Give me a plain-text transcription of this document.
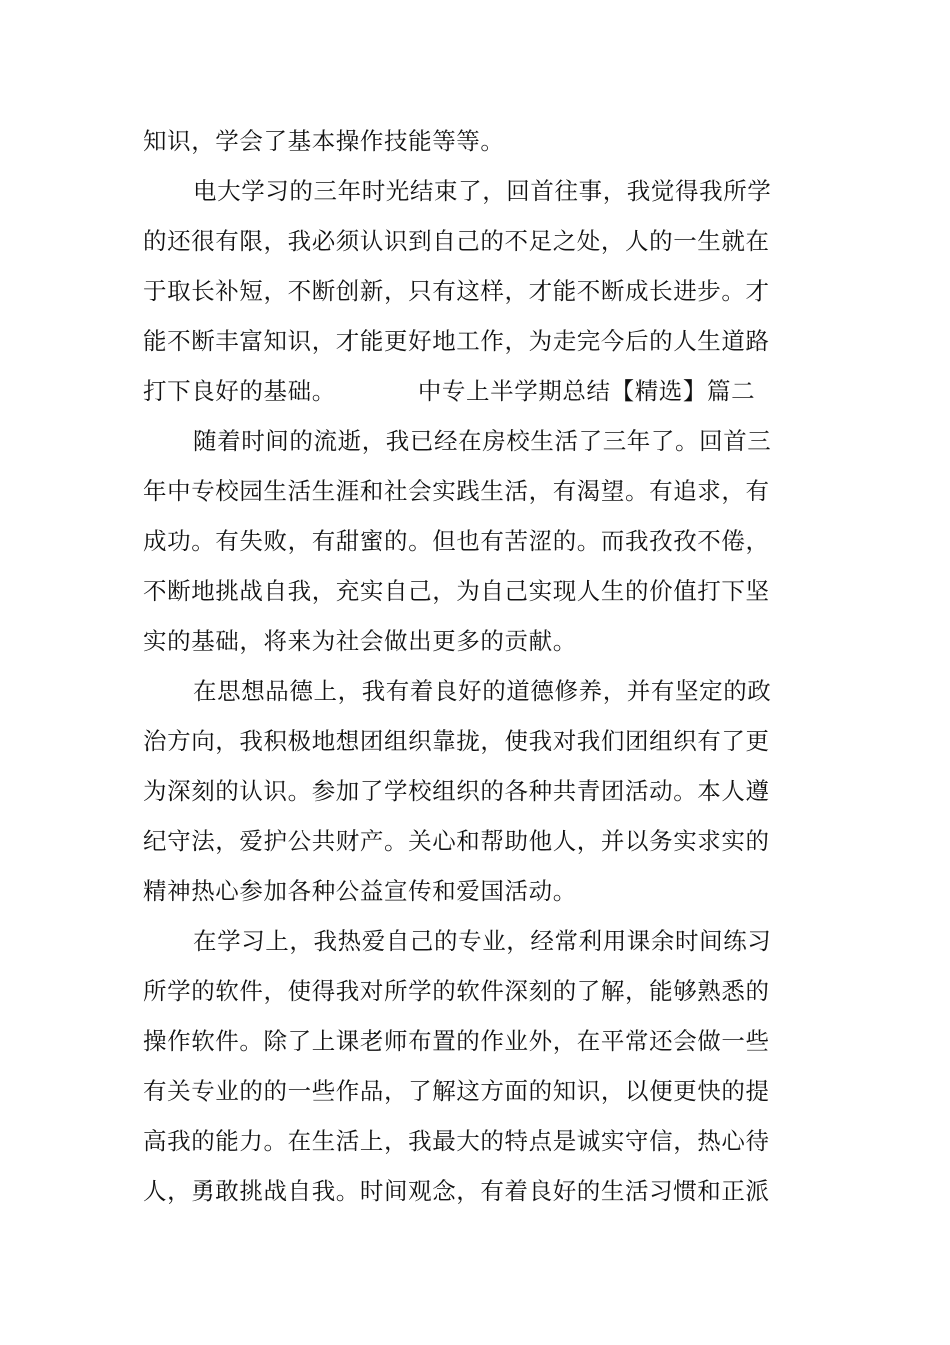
知识，学会了基本操作技能等等。
电大学习的三年时光结束了，回首往事，我觉得我所学
的还很有限，我必须认识到自己的不足之处，人的一生就在
于取长补短，不断创新，只有这样，才能不断成长进步。才
能不断丰富知识，才能更好地工作，为走完今后的人生道路
打下良好的基础。	中专上半学期总结【精选】篇二
随着时间的流逝，我已经在房校生活了三年了。回首三
年中专校园生活生涯和社会实践生活，有渴望。有追求，有
成功。有失败，有甜蜜的。但也有苦涩的。而我孜孜不倦，
不断地挑战自我，充实自己，为自己实现人生的价值打下坚
实的基础，将来为社会做出更多的贡献。
在思想品德上，我有着良好的道德修养，并有坚定的政
治方向，我积极地想团组织靠拢，使我对我们团组织有了更
为深刻的认识。参加了学校组织的各种共青团活动。本人遵
纪守法，爱护公共财产。关心和帮助他人，并以务实求实的
精神热心参加各种公益宣传和爱国活动。
在学习上，我热爱自己的专业，经常利用课余时间练习
所学的软件，使得我对所学的软件深刻的了解，能够熟悉的
操作软件。除了上课老师布置的作业外，在平常还会做一些
有关专业的的一些作品，了解这方面的知识，以便更快的提
高我的能力。在生活上，我最大的特点是诚实守信，热心待
人，勇敢挑战自我。时间观念，有着良好的生活习惯和正派
